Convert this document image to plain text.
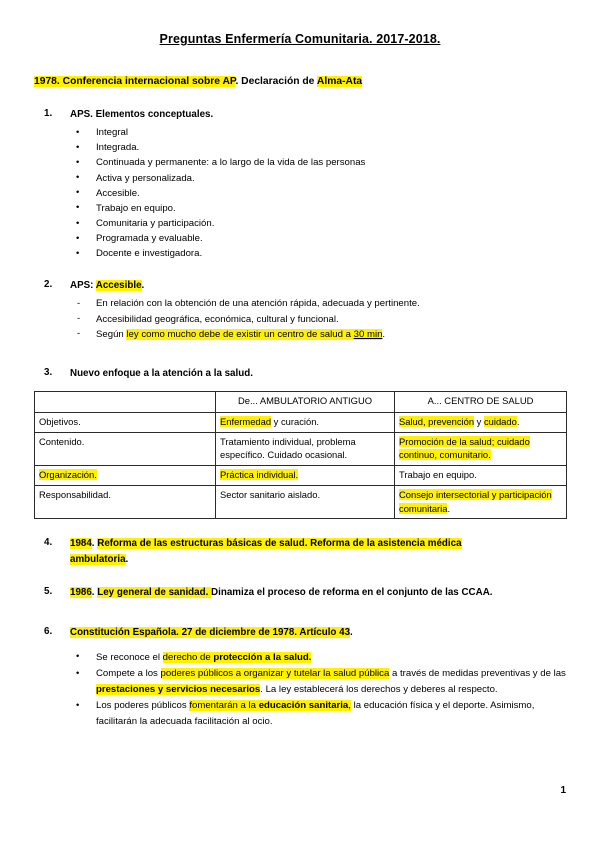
Preguntas Enfermería Comunitaria. 2017-2018.
1978. Conferencia internacional sobre AP. Declaración de Alma-Ata
1. APS. Elementos conceptuales.
• Integral
• Integrada.
• Continuada y permanente: a lo largo de la vida de las personas
• Activa y personalizada.
• Accesible.
• Trabajo en equipo.
• Comunitaria y participación.
• Programada y evaluable.
• Docente e investigadora.
2. APS: Accesible.
- En relación con la obtención de una atención rápida, adecuada y pertinente.
- Accesibilidad geográfica, económica, cultural y funcional.
- Según ley como mucho debe de existir un centro de salud a 30 min.
3. Nuevo enfoque a la atención a la salud.
	De... AMBULATORIO ANTIGUO	A... CENTRO DE SALUD
Objetivos.	Enfermedad y curación.	Salud, prevención y cuidado.
Contenido.	Tratamiento individual, problema específico. Cuidado ocasional.	Promoción de la salud; cuidado continuo, comunitario.
Organización.	Práctica individual.	Trabajo en equipo.
Responsabilidad.	Sector sanitario aislado.	Consejo intersectorial y participación comunitaria.
4. 1984. Reforma de las estructuras básicas de salud. Reforma de la asistencia médica
ambulatoria.
5. 1986. Ley general de sanidad. Dinamiza el proceso de reforma en el conjunto de las CCAA.
6. Constitución Española. 27 de diciembre de 1978. Artículo 43.
• Se reconoce el derecho de protección a la salud.
• Compete a los poderes públicos a organizar y tutelar la salud pública a través de medidas preventivas y de las prestaciones y servicios necesarios. La ley establecerá los derechos y deberes al respecto.
• Los poderes públicos fomentarán a la educación sanitaria, la educación física y el deporte. Asimismo, facilitarán la adecuada facilitación al ocio.
1
